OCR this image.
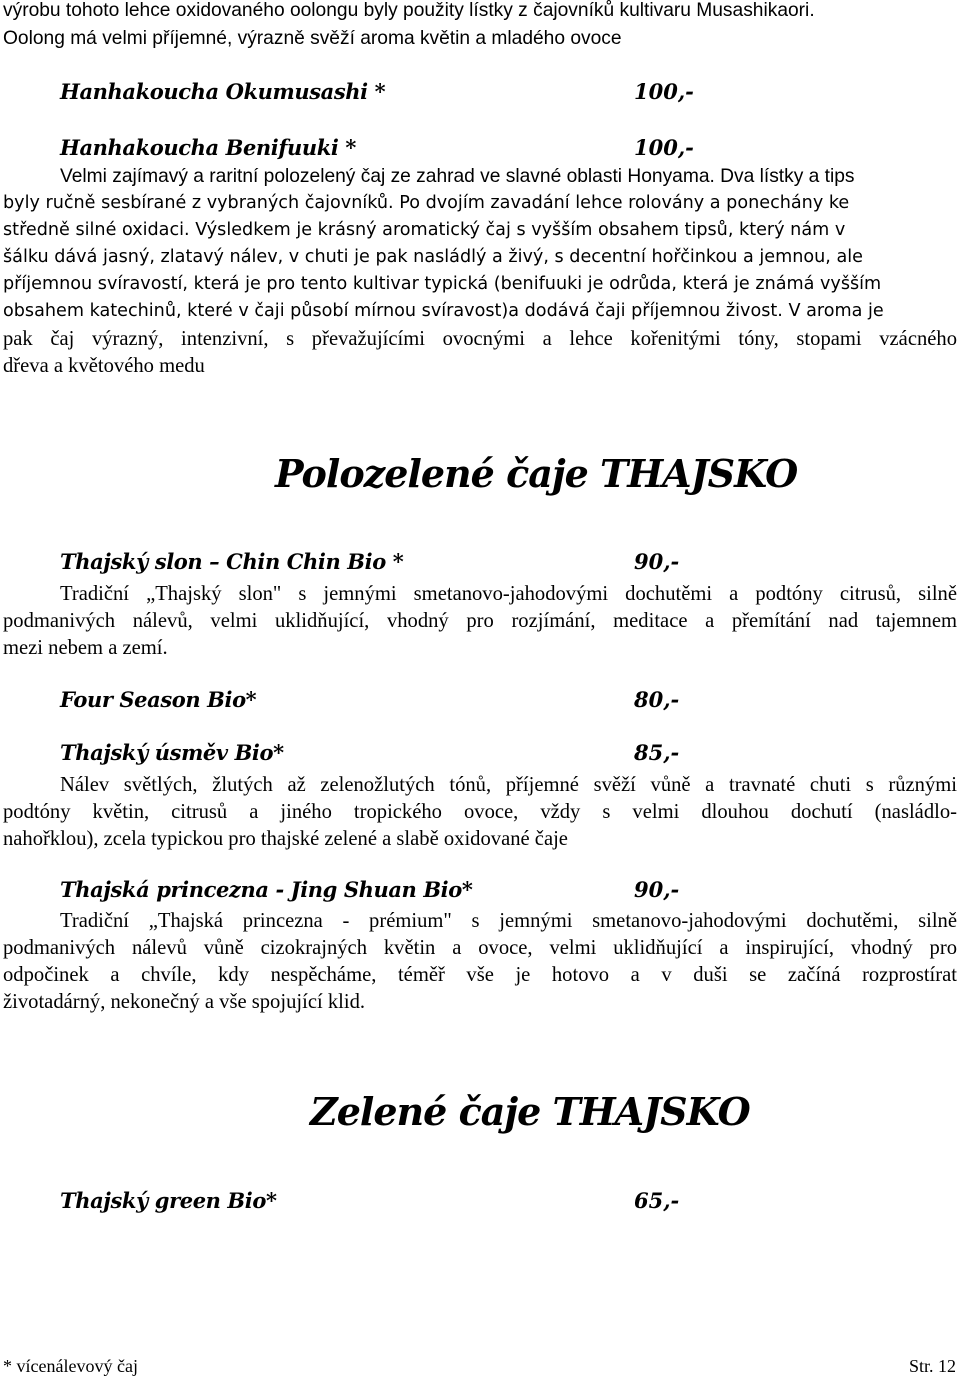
výrobu tohoto lehce oxidovaného oolongu byly použity lístky z čajovníků kultivaru Musashikaori.
Oolong má velmi příjemné, výrazně svěží aroma květin a mladého ovoce
Hanhakoucha Okumusashi *	100,-
Hanhakoucha Benifuuki *	100,-
Velmi zajímavý a raritní polozelený čaj ze zahrad ve slavné oblasti Honyama. Dva lístky a tips
byly ručně sesbírané z vybraných čajovníků. Po dvojím zavadání lehce rolovány a ponechány ke
středně silné oxidaci. Výsledkem je krásný aromatický čaj s vyšším obsahem tipsů, který nám v
šálku dává jasný, zlatavý nálev, v chuti je pak nasládlý a živý, s decentní hořčinkou a jemnou, ale
příjemnou svíravostí, která je pro tento kultivar typická (benifuuki je odrůda, která je známá vyšším
obsahem katechinů, které v čaji působí mírnou svíravost)a dodává čaji příjemnou živost. V aroma je
pak čaj výrazný, intenzivní, s převažujícími ovocnými a lehce kořenitými tóny, stopami vzácného
dřeva a květového medu
Polozelené čaje THAJSKO
Thajský slon – Chin Chin Bio *	90,-
Tradiční „Thajský slon" s jemnými smetanovo-jahodovými dochutěmi a podtóny citrusů, silně
podmanivých nálevů, velmi uklidňující, vhodný pro rozjímání, meditace a přemítání nad tajemnem
mezi nebem a zemí.
Four Season Bio*	80,-
Thajský úsměv Bio*	85,-
Nálev světlých, žlutých až zelenožlutých tónů, příjemné svěží vůně a travnaté chuti s různými
podtóny květin, citrusů a jiného tropického ovoce, vždy s velmi dlouhou dochutí (nasládlo-
nahořklou), zcela typickou pro thajské zelené a slabě oxidované čaje
Thajská princezna - Jing Shuan Bio*	90,-
Tradiční „Thajská princezna - prémium" s jemnými smetanovo-jahodovými dochutěmi, silně
podmanivých nálevů vůně cizokrajných květin a ovoce, velmi uklidňující a inspirující, vhodný pro
odpočinek a chvíle, kdy nespěcháme, téměř vše je hotovo a v duši se začíná rozprostírat
životadárný, nekonečný a vše spojující klid.
Zelené čaje THAJSKO
Thajský green Bio*	65,-
* vícenálevový čaj	Str. 12
